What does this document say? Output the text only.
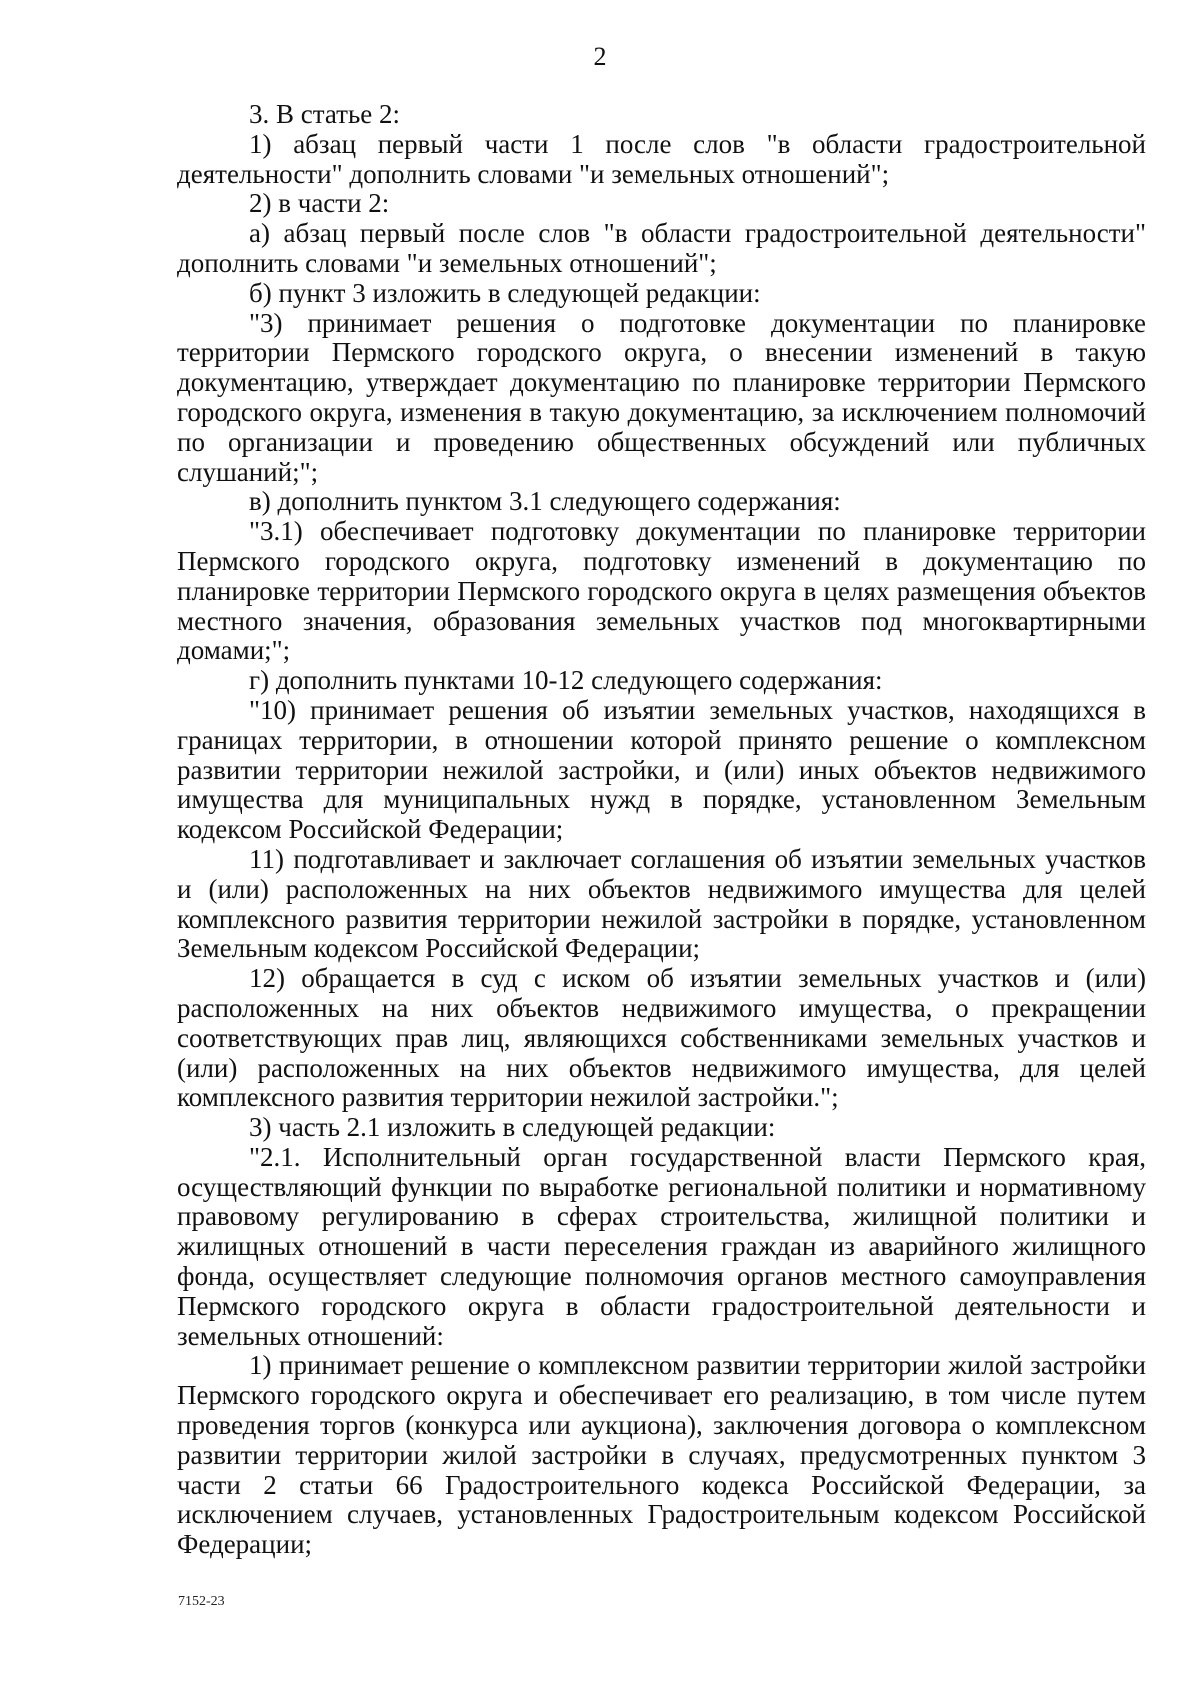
2

3. В статье 2:

1) абзац первый части 1 после слов "в области градостроительной деятельности" дополнить словами "и земельных отношений";

2) в части 2:

а) абзац первый после слов "в области градостроительной деятельности" дополнить словами "и земельных отношений";

б) пункт 3 изложить в следующей редакции:

"3) принимает решения о подготовке документации по планировке территории Пермского городского округа, о внесении изменений в такую документацию, утверждает документацию по планировке территории Пермского городского округа, изменения в такую документацию, за исключением полномочий по организации и проведению общественных обсуждений или публичных слушаний;";

в) дополнить пунктом 3.1 следующего содержания:

"3.1) обеспечивает подготовку документации по планировке территории Пермского городского округа, подготовку изменений в документацию по планировке территории Пермского городского округа в целях размещения объектов местного значения, образования земельных участков под многоквартирными домами;";

г) дополнить пунктами 10-12 следующего содержания:

"10) принимает решения об изъятии земельных участков, находящихся в границах территории, в отношении которой принято решение о комплексном развитии территории нежилой застройки, и (или) иных объектов недвижимого имущества для муниципальных нужд в порядке, установленном Земельным кодексом Российской Федерации;

11) подготавливает и заключает соглашения об изъятии земельных участков и (или) расположенных на них объектов недвижимого имущества для целей комплексного развития территории нежилой застройки в порядке, установленном Земельным кодексом Российской Федерации;

12) обращается в суд с иском об изъятии земельных участков и (или) расположенных на них объектов недвижимого имущества, о прекращении соответствующих прав лиц, являющихся собственниками земельных участков и (или) расположенных на них объектов недвижимого имущества, для целей комплексного развития территории нежилой застройки.";

3) часть 2.1 изложить в следующей редакции:

"2.1. Исполнительный орган государственной власти Пермского края, осуществляющий функции по выработке региональной политики и нормативному правовому регулированию в сферах строительства, жилищной политики и жилищных отношений в части переселения граждан из аварийного жилищного фонда, осуществляет следующие полномочия органов местного самоуправления Пермского городского округа в области градостроительной деятельности и земельных отношений:

1) принимает решение о комплексном развитии территории жилой застройки Пермского городского округа и обеспечивает его реализацию, в том числе путем проведения торгов (конкурса или аукциона), заключения договора о комплексном развитии территории жилой застройки в случаях, предусмотренных пунктом 3 части 2 статьи 66 Градостроительного кодекса Российской Федерации, за исключением случаев, установленных Градостроительным кодексом Российской Федерации;

7152-23
